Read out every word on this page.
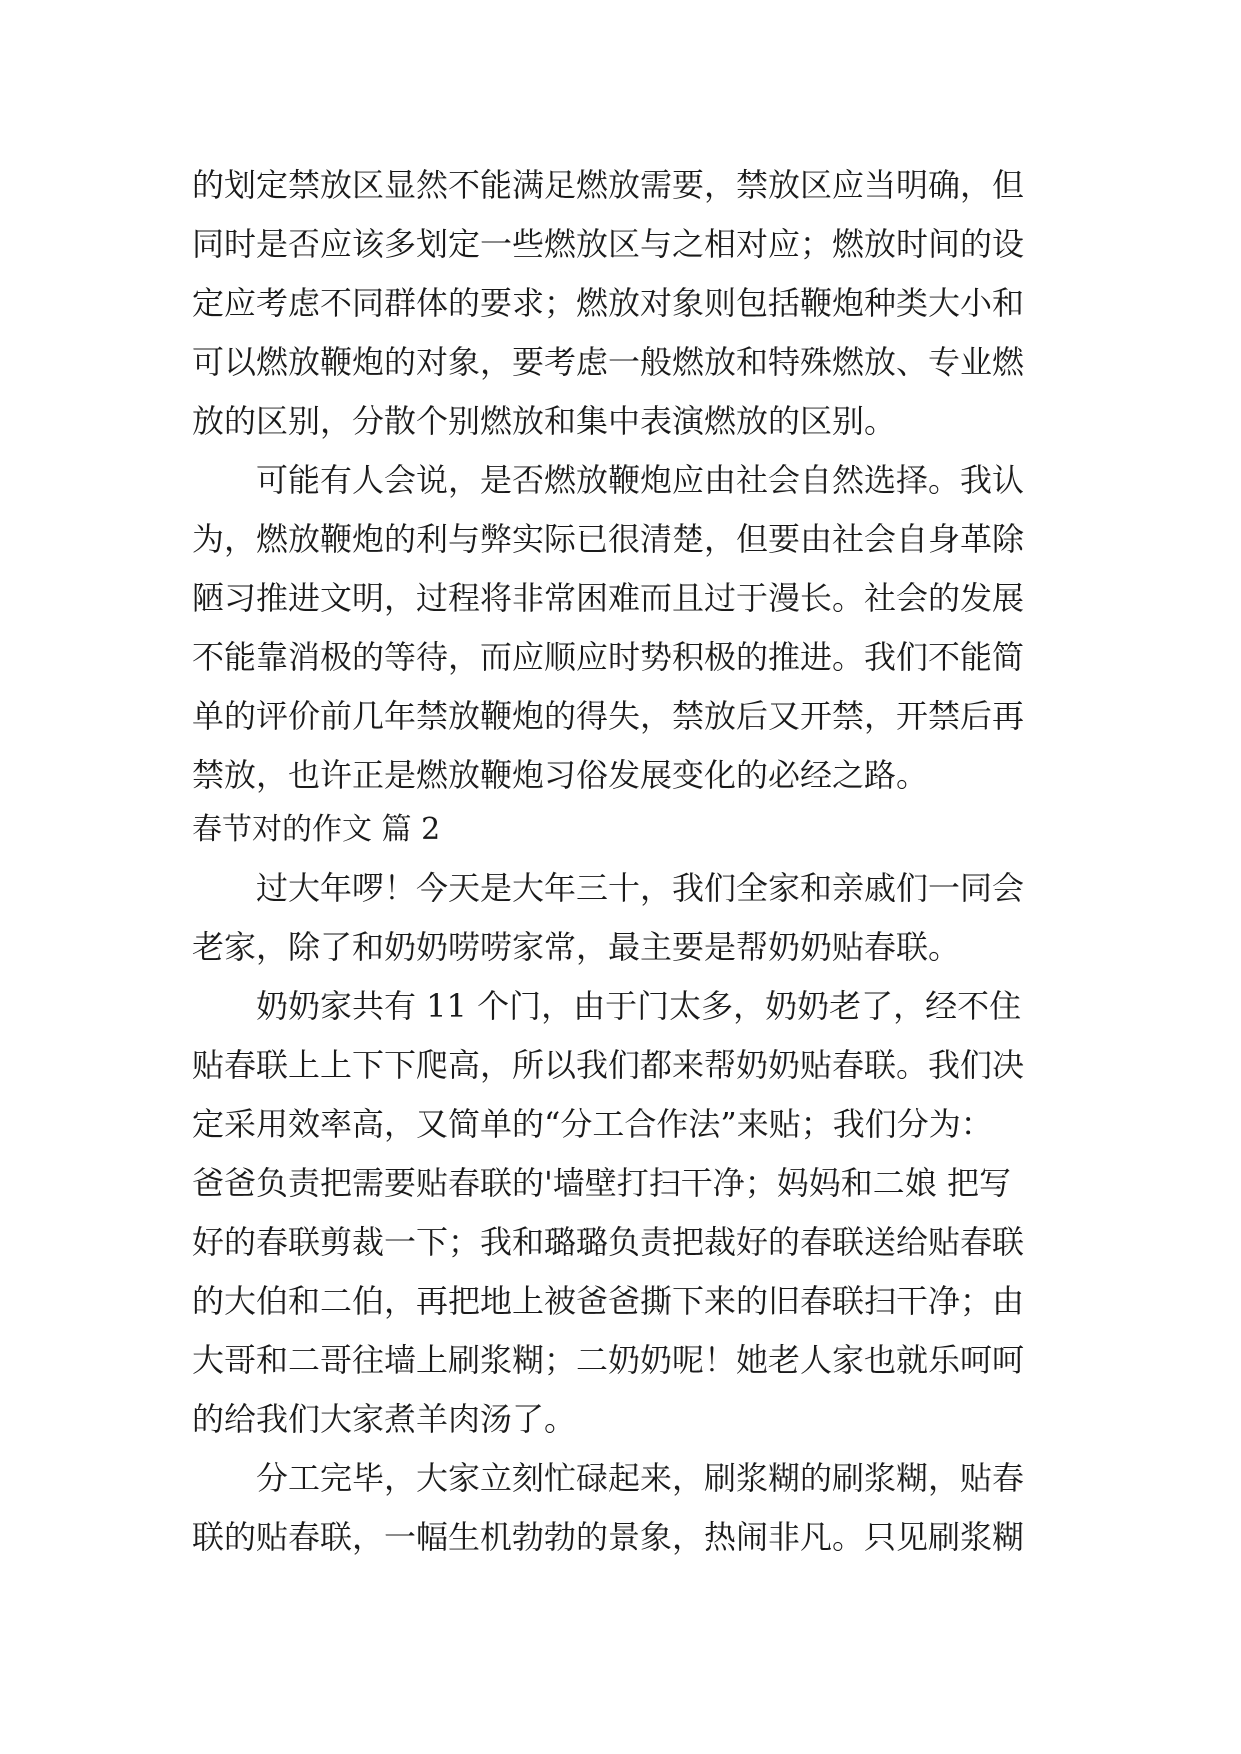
的划定禁放区显然不能满足燃放需要，禁放区应当明确，但
同时是否应该多划定一些燃放区与之相对应；燃放时间的设
定应考虑不同群体的要求；燃放对象则包括鞭炮种类大小和
可以燃放鞭炮的对象，要考虑一般燃放和特殊燃放、专业燃
放的区别，分散个别燃放和集中表演燃放的区别。
可能有人会说，是否燃放鞭炮应由社会自然选择。我认
为，燃放鞭炮的利与弊实际已很清楚，但要由社会自身革除
陋习推进文明，过程将非常困难而且过于漫长。社会的发展
不能靠消极的等待，而应顺应时势积极的推进。我们不能简
单的评价前几年禁放鞭炮的得失，禁放后又开禁，开禁后再
禁放，也许正是燃放鞭炮习俗发展变化的必经之路。
春节对的作文 篇 2
过大年啰！今天是大年三十，我们全家和亲戚们一同会
老家，除了和奶奶唠唠家常，最主要是帮奶奶贴春联。
奶奶家共有 11 个门，由于门太多，奶奶老了，经不住
贴春联上上下下爬高，所以我们都来帮奶奶贴春联。我们决
定采用效率高，又简单的“分工合作法”来贴；我们分为：
爸爸负责把需要贴春联的'墙壁打扫干净；妈妈和二娘 把写
好的春联剪裁一下；我和璐璐负责把裁好的春联送给贴春联
的大伯和二伯，再把地上被爸爸撕下来的旧春联扫干净；由
大哥和二哥往墙上刷浆糊；二奶奶呢！她老人家也就乐呵呵
的给我们大家煮羊肉汤了。
分工完毕，大家立刻忙碌起来，刷浆糊的刷浆糊，贴春
联的贴春联，一幅生机勃勃的景象，热闹非凡。只见刷浆糊
